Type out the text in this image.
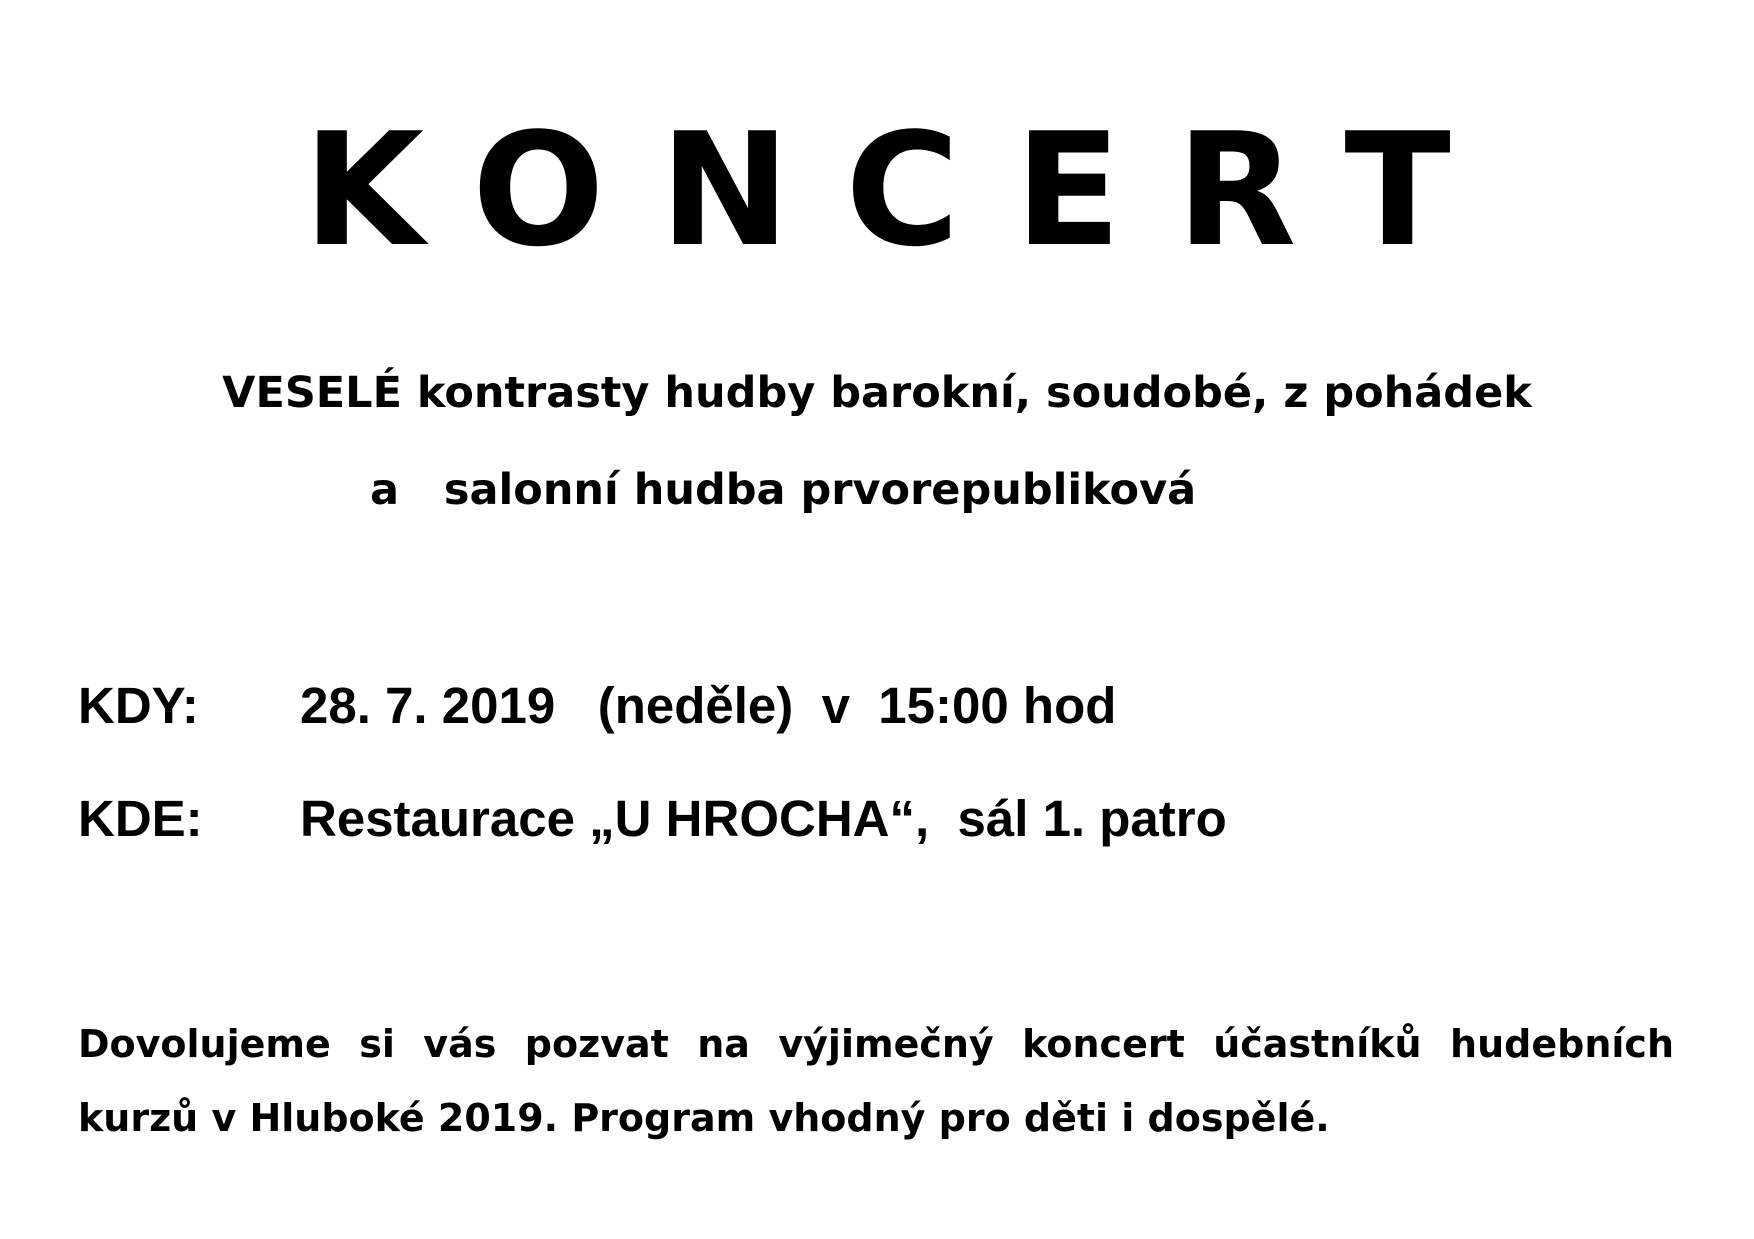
KONCERT

VESELÉ kontrasty hudby barokní, soudobé, z pohádek

a   salonní hudba prvorepubliková

KDY: 28. 7. 2019   (neděle)  v  15:00 hod
KDE: Restaurace „U HROCHA“,  sál 1. patro
Dovolujeme si vás pozvat na výjimečný koncert účastníků hudebních
kurzů v Hluboké 2019. Program vhodný pro děti i dospělé.
